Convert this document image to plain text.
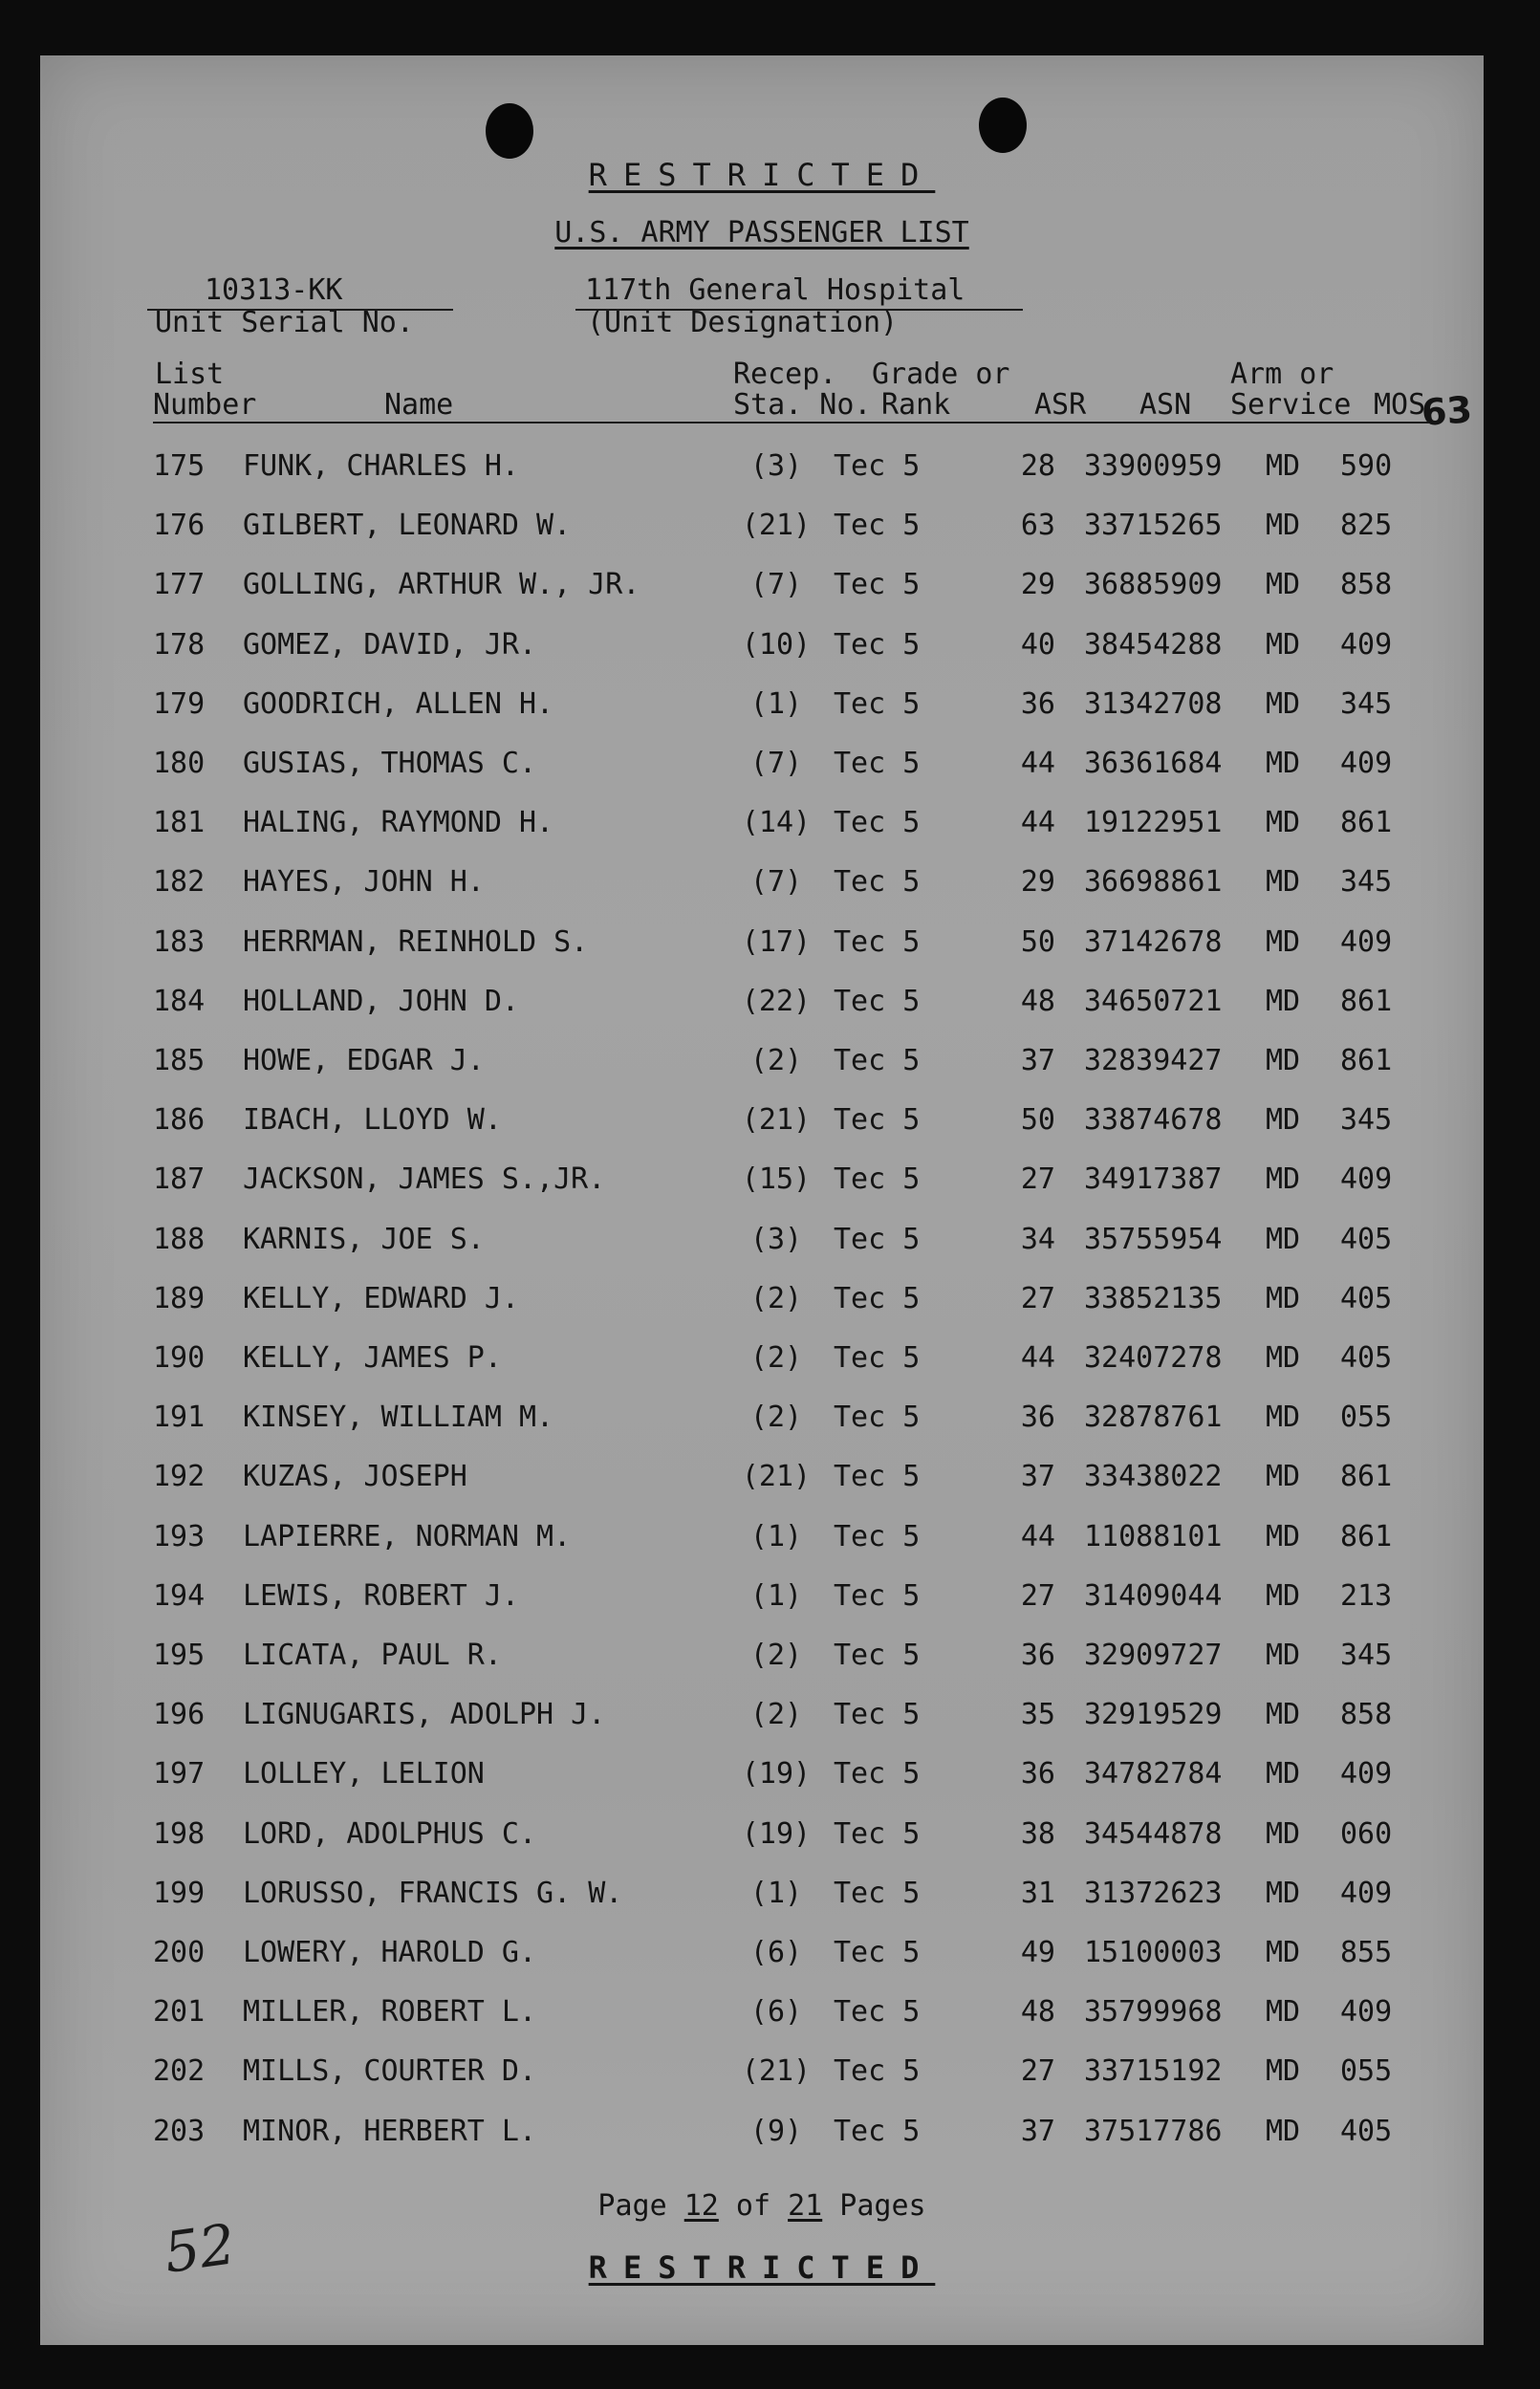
RESTRICTED
U.S. ARMY PASSENGER LIST
10313-KK
Unit Serial No.
117th General Hospital
(Unit Designation)
List
Number	Name
Recep.
Sta. No.
Grade or
Rank	ASR ASN
Arm or
Service MOS
63
175 FUNK, CHARLES H.	(3)	Tec 5	28 33900959 MD 590
176 GILBERT, LEONARD W.	(21) Tec 5	63 33715265 MD 825
177 GOLLING, ARTHUR W., JR.	(7)	Tec 5	29 36885909 MD 858
178 GOMEZ, DAVID, JR.	(10) Tec 5	40 38454288 MD 409
179 GOODRICH, ALLEN H.	(1)	Tec 5	36 31342708 MD 345
180 GUSIAS, THOMAS C.	(7)	Tec 5	44 36361684 MD 409
181 HALING, RAYMOND H.	(14) Tec 5	44 19122951 MD 861
182 HAYES, JOHN H.	(7)	Tec 5	29 36698861 MD 345
183 HERRMAN, REINHOLD S.	(17) Tec 5	50 37142678 MD 409
184 HOLLAND, JOHN D.	(22) Tec 5	48 34650721 MD 861
185 HOWE, EDGAR J.	(2)	Tec 5	37 32839427 MD 861
186 IBACH, LLOYD W.	(21) Tec 5	50 33874678 MD 345
187 JACKSON, JAMES S.,JR.	(15) Tec 5	27 34917387 MD 409
188 KARNIS, JOE S.	(3)	Tec 5	34 35755954 MD 405
189 KELLY, EDWARD J.	(2)	Tec 5	27 33852135 MD 405
190 KELLY, JAMES P.	(2)	Tec 5	44 32407278 MD 405
191 KINSEY, WILLIAM M.	(2)	Tec 5	36 32878761 MD 055
192 KUZAS, JOSEPH	(21) Tec 5	37 33438022 MD 861
193 LAPIERRE, NORMAN M.	(1)	Tec 5	44 11088101 MD 861
194 LEWIS, ROBERT J.	(1)	Tec 5	27 31409044 MD 213
195 LICATA, PAUL R.	(2)	Tec 5	36 32909727 MD 345
196 LIGNUGARIS, ADOLPH J.	(2)	Tec 5	35 32919529 MD 858
197 LOLLEY, LELION	(19) Tec 5	36 34782784 MD 409
198 LORD, ADOLPHUS C.	(19) Tec 5	38 34544878 MD 060
199 LORUSSO, FRANCIS G. W.	(1)	Tec 5	31 31372623 MD 409
200 LOWERY, HAROLD G.	(6)	Tec 5	49 15100003 MD 855
201 MILLER, ROBERT L.	(6)	Tec 5	48 35799968 MD 409
202 MILLS, COURTER D.	(21) Tec 5	27 33715192 MD 055
203 MINOR, HERBERT L.	(9)	Tec 5	37 37517786 MD 405
Page 12 of 21 Pages
RESTRICTED
52
